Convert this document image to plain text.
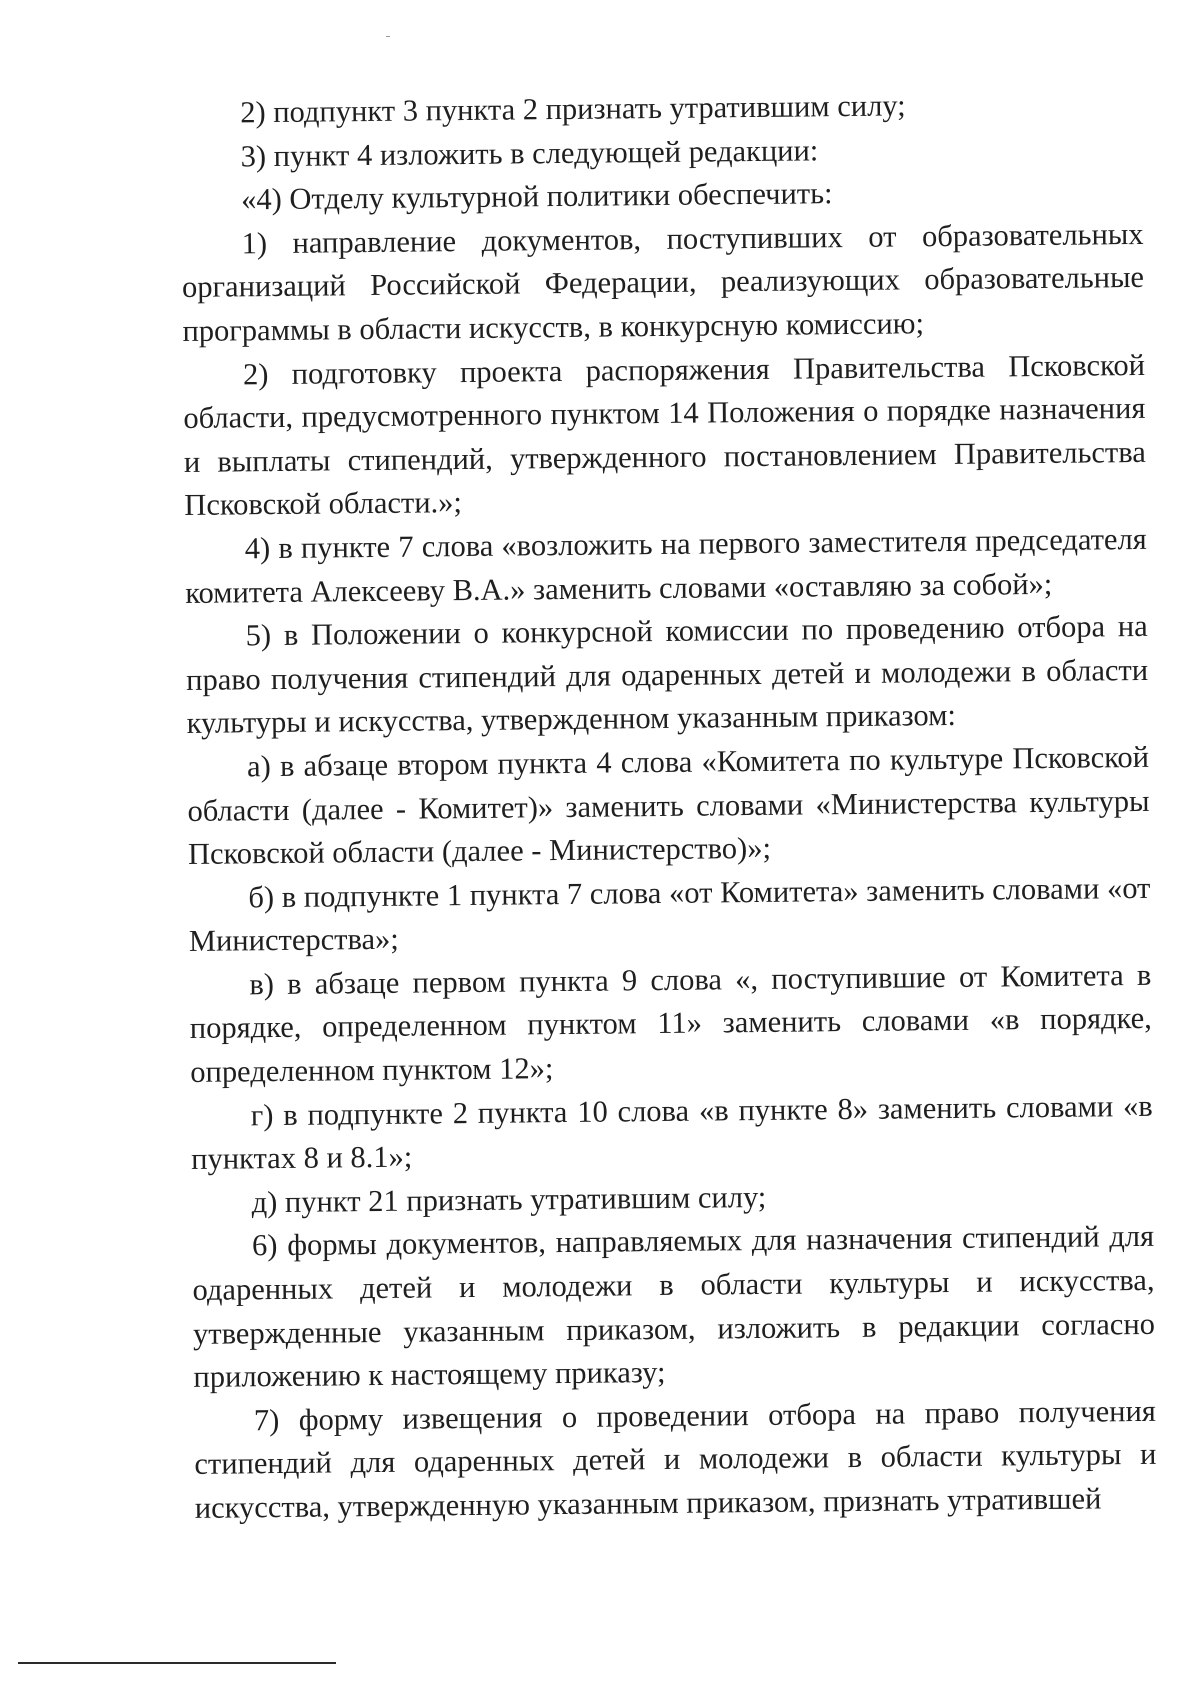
2) подпункт 3 пункта 2 признать утратившим силу;

3) пункт 4 изложить в следующей редакции:

«4) Отделу культурной политики обеспечить:

1) направление документов, поступивших от образовательных организаций Российской Федерации, реализующих образовательные программы в области искусств, в конкурсную комиссию;

2) подготовку проекта распоряжения Правительства Псковской области, предусмотренного пунктом 14 Положения о порядке назначения и выплаты стипендий, утвержденного постановлением Правительства Псковской области.»;

4) в пункте 7 слова «возложить на первого заместителя председателя комитета Алексееву В.А.» заменить словами «оставляю за собой»;

5) в Положении о конкурсной комиссии по проведению отбора на право получения стипендий для одаренных детей и молодежи в области культуры и искусства, утвержденном указанным приказом:

а) в абзаце втором пункта 4 слова «Комитета по культуре Псковской области (далее - Комитет)» заменить словами «Министерства культуры Псковской области (далее - Министерство)»;

б) в подпункте 1 пункта 7 слова «от Комитета» заменить словами «от Министерства»;

в) в абзаце первом пункта 9 слова «, поступившие от Комитета в порядке, определенном пунктом 11» заменить словами «в порядке, определенном пунктом 12»;

г) в подпункте 2 пункта 10 слова «в пункте 8» заменить словами «в пунктах 8 и 8.1»;

д) пункт 21 признать утратившим силу;

6) формы документов, направляемых для назначения стипендий для одаренных детей и молодежи в области культуры и искусства, утвержденные указанным приказом, изложить в редакции согласно приложению к настоящему приказу;

7) форму извещения о проведении отбора на право получения стипендий для одаренных детей и молодежи в области культуры и искусства, утвержденную указанным приказом, признать утратившей
